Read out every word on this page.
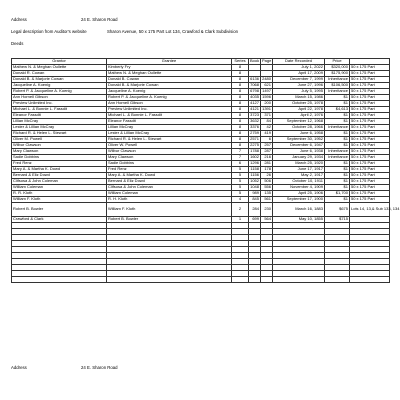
Address	24 E. Sharon Road
Legal description from Auditor's website	Sharon Avenue, 50 x 175 Part Lot 134, Crawford & Clark Subdivision
Deeds
Grantor	Grantee	Series	Book	Page	Date Recorded	Price	
Mathew N. & Meghan Oullette	Kimberly Fry	8			July 1, 2022	$320,000	50 x 175 Part
Donald R. Cowan	Mathew N. & Meghan Oullette	8			April 17, 2009	$175,900	50 x 175 Part
Donald B. & Marjorie Cowan	Donald B. Cowan	8	6136	2480	December 7, 1999	Inheritance	50 x 175 Part
Jacqueline A. Koenig	Donald B. & Marjorie Cowan	8	7068	621	June 27, 1996	$106,500	50 x 175 Part
Robert P. & Jacqueline A. Koenig	Jacqueline A. Koenig	8	6798	1497	July 5, 1995	Inheritance	50 x 175 Part
Ann Hornell Gibson	Robert P. & Jacqueline A. Koenig	8	4035	1596	March 15, 1986	$1	50 x 175 Part
Preview Unlimited Inc.	Ann Hornell Gibson	8	4127	200	October 25, 1978	$1	50 x 175 Part
Michael L. & Bonnie L. Fassdit	Preview Unlimited Inc.	8	4121	1391	April 22, 1978	$4,613	50 x 175 Part
Eleanor Fassdit	Michael L. & Bonnie L. Fassdit	8	3723	371	April 2, 1976	$1	50 x 175 Part
Lillian McCray	Eleanor Fassdit	8	3632	84	September 12, 1968	$1	50 x 175 Part
Lester & Lillian McCray	Lillian McCray	8	3376	42	October 28, 1966	Inheritance	50 x 175 Part
Richard R. & Helen L. Stewart	Lester & Lillian McCray	8	2759	419	June 6, 1958	$1	50 x 175 Part
Oliver M. Powell	Richard R. & Helen L. Stewart	8	2571	6	September 30, 1952	$1	50 x 175 Part
Wilbur Clawson	Oliver W. Powell	8	2275	257	December 6, 1947	$1	50 x 175 Part
Mary Clawson	Wilbur Clawson	7	1788	287	June 6, 1938	Inheritance	50 x 175 Part
Sadie Dobbins	Mary Clawson	7	1602	216	January 29, 1934	Inheritance	50 x 175 Part
Fred Renz	Sadie Dobbins	6	1296	281	March 25, 1920	$1	50 x 175 Part
Mary A. & Martha K. Dowd	Fred Renz	5	1158	178	June 17, 1917	$1	50 x 175 Part
Bernard & Eliz Dowd	Mary A. & Martha K. Dowd	5	1156	26	May 2, 1917	$1	50 x 175 Part
Clifsosa & John Coleman	Bernard & Eliz Dowd	5	1052	506	October 10, 1911	$1	50 x 175 Part
William Coleman	Clifsosa & John Coleman	5	1048	556	November 4, 1909	$1	50 x 175 Part
R. R. Kloth	William Coleman	5	989	135	April 25, 1906	$1,700	50 x 175 Part
William F. Kloth	R. H. Kloth	4	845	561	September 17, 1900	$1	50 x 175 Part
Robert B. Bowler	William F. Kloth	2	284	230	March 16, 1883	$675	Lots 14, 13,& Sub 133, 134
Crawford & Clark	Robert B. Bowler	1	699	564	May 10, 1855	$715	

Address	24 E. Sharon Road
